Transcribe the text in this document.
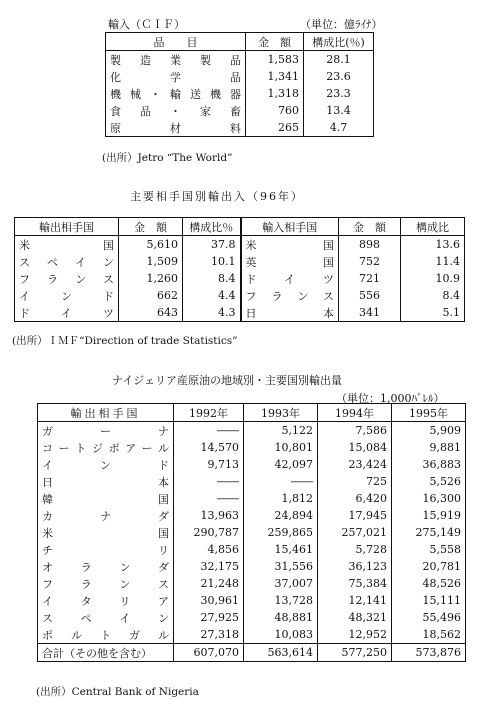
輸入（ＣＩＦ）	（単位：億ﾗｲﾅ）
品　　目	金　額	構成比(％)
製造業製品	1,583	28.1
化学品	1,341	23.6
機械・輸送機器	1,318	23.3
食品・家畜	760	13.4
原材料	265	4.7
(出所）Jetro “The World”
主要相手国別輸出入（96年）
輸出相手国	金　額	構成比％	輸入相手国	金　額	構成比
米国	5,610	37.8	米国	898	13.6
スペイン	1,509	10.1	英国	752	11.4
フランス	1,260	8.4	ドイツ	721	10.9
インド	662	4.4	フランス	556	8.4
ドイツ	643	4.3	日本	341	5.1
(出所）ＩＭＦ“Direction of trade Statistics”
ナイジェリア産原油の地域別・主要国別輸出量
（単位：1,000ﾊﾞﾚﾙ）
輸出相手国	1992年	1993年	1994年	1995年
ガーナ	――	5,122	7,586	5,909
コートジボアール	14,570	10,801	15,084	9,881
インド	9,713	42,097	23,424	36,883
日本	――	――	725	5,526
韓国	――	1,812	6,420	16,300
カナダ	13,963	24,894	17,945	15,919
米国	290,787	259,865	257,021	275,149
チリ	4,856	15,461	5,728	5,558
オランダ	32,175	31,556	36,123	20,781
フランス	21,248	37,007	75,384	48,526
イタリア	30,961	13,728	12,141	15,111
スペイン	27,925	48,881	48,321	55,496
ポルトガル	27,318	10,083	12,952	18,562
合計（その他を含む）	607,070	563,614	577,250	573,876
(出所）Central Bank of Nigeria
